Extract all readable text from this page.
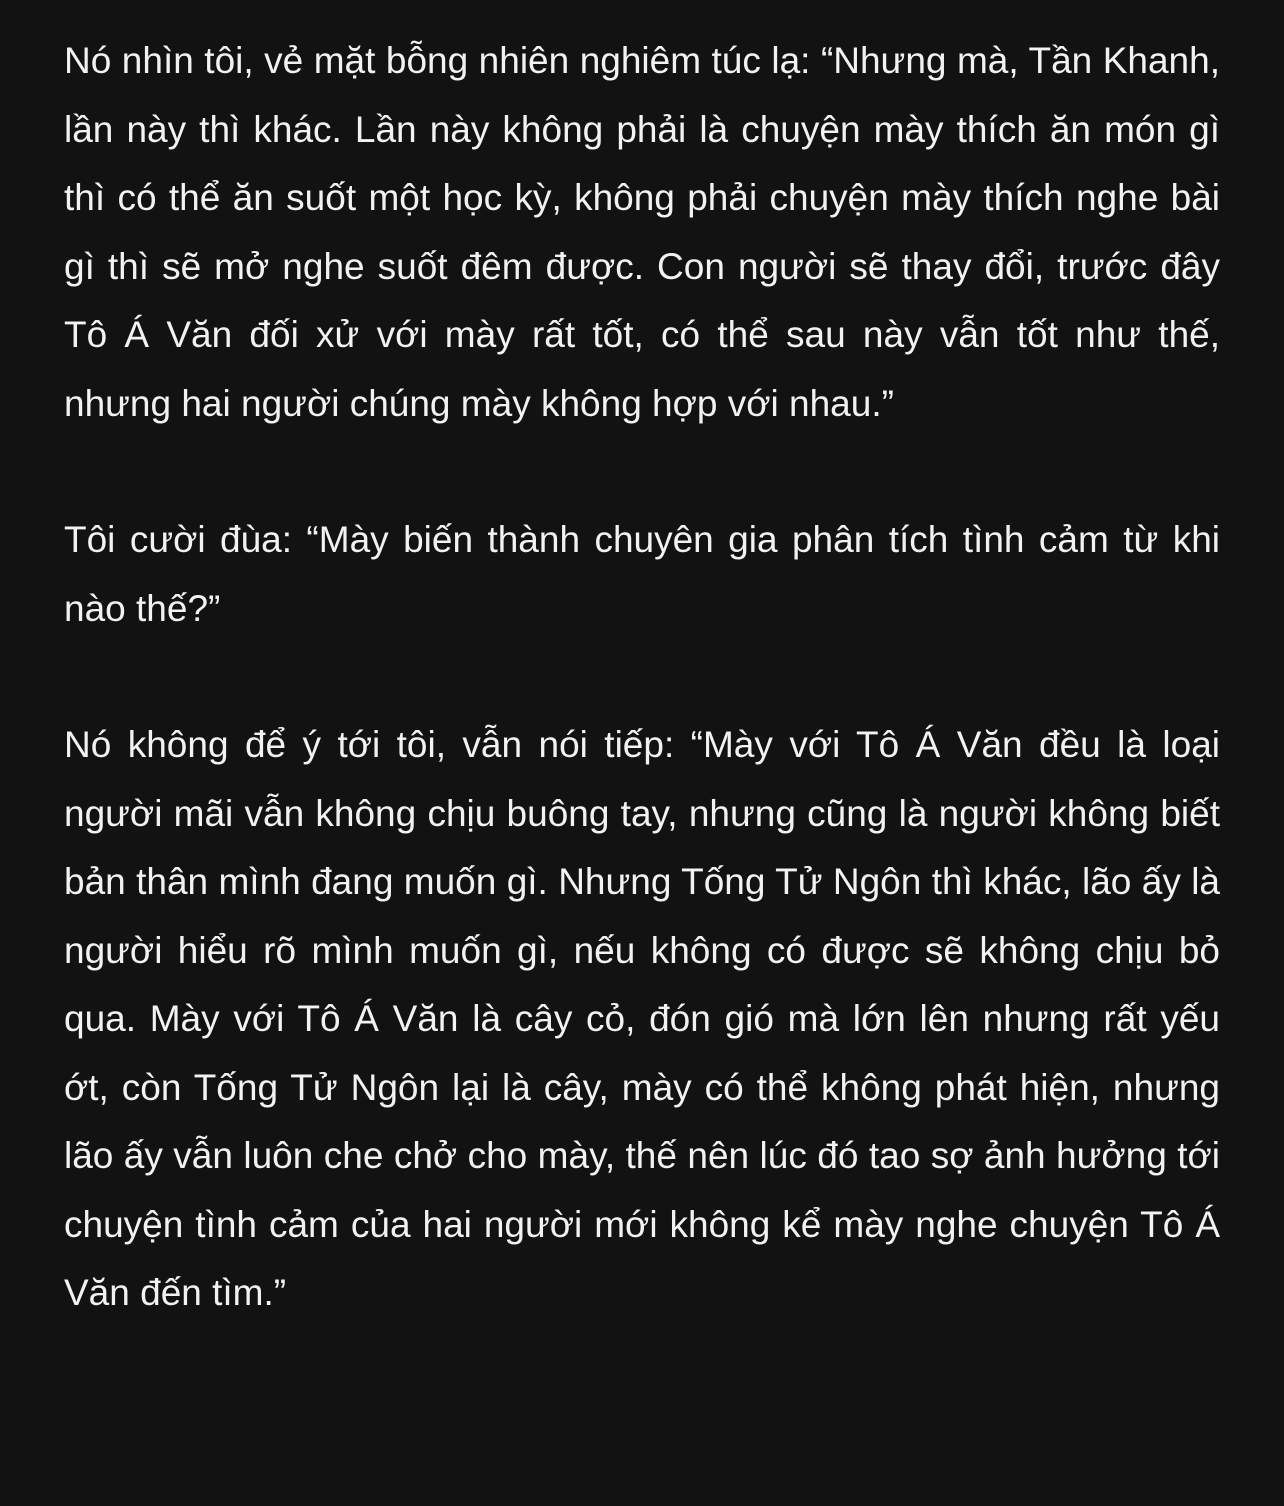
Nó nhìn tôi, vẻ mặt bỗng nhiên nghiêm túc lạ: “Nhưng mà, Tần Khanh, lần này thì khác. Lần này không phải là chuyện mày thích ăn món gì thì có thể ăn suốt một học kỳ, không phải chuyện mày thích nghe bài gì thì sẽ mở nghe suốt đêm được. Con người sẽ thay đổi, trước đây Tô Á Văn đối xử với mày rất tốt, có thể sau này vẫn tốt như thế, nhưng hai người chúng mày không hợp với nhau.”

Tôi cười đùa: “Mày biến thành chuyên gia phân tích tình cảm từ khi nào thế?”

Nó không để ý tới tôi, vẫn nói tiếp: “Mày với Tô Á Văn đều là loại người mãi vẫn không chịu buông tay, nhưng cũng là người không biết bản thân mình đang muốn gì. Nhưng Tống Tử Ngôn thì khác, lão ấy là người hiểu rõ mình muốn gì, nếu không có được sẽ không chịu bỏ qua. Mày với Tô Á Văn là cây cỏ, đón gió mà lớn lên nhưng rất yếu ớt, còn Tống Tử Ngôn lại là cây, mày có thể không phát hiện, nhưng lão ấy vẫn luôn che chở cho mày, thế nên lúc đó tao sợ ảnh hưởng tới chuyện tình cảm của hai người mới không kể mày nghe chuyện Tô Á Văn đến tìm.”
